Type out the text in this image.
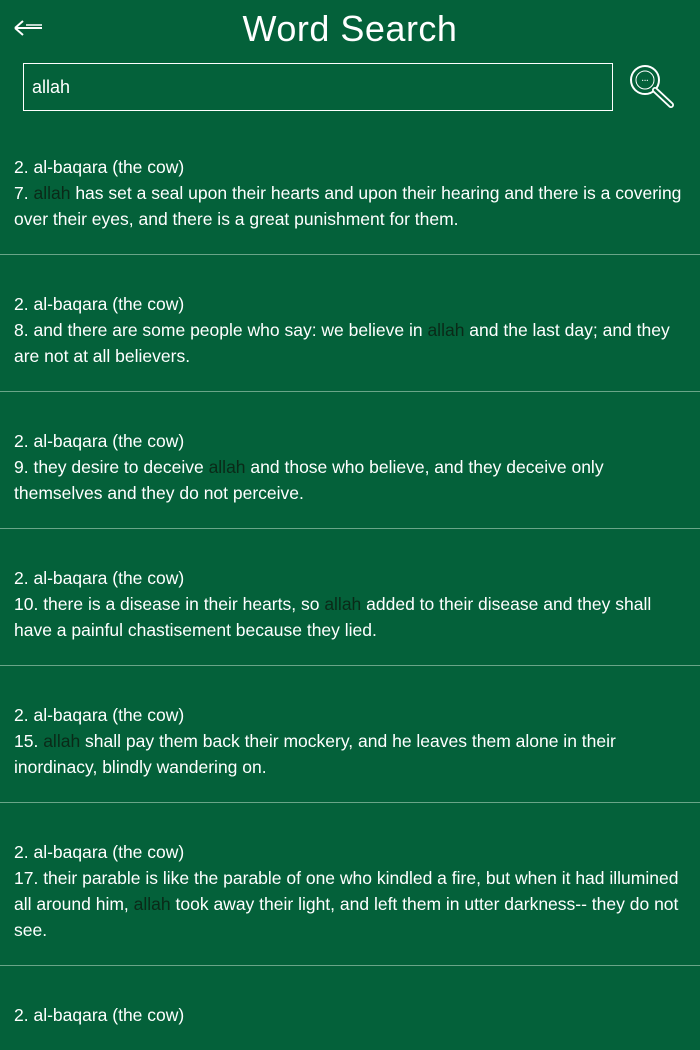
Word Search
allah
•••
2. al-baqara (the cow)
7. allah has set a seal upon their hearts and upon their hearing and there is a covering over their eyes, and there is a great punishment for them.
2. al-baqara (the cow)
8. and there are some people who say: we believe in allah and the last day; and they are not at all believers.
2. al-baqara (the cow)
9. they desire to deceive allah and those who believe, and they deceive only themselves and they do not perceive.
2. al-baqara (the cow)
10. there is a disease in their hearts, so allah added to their disease and they shall have a painful chastisement because they lied.
2. al-baqara (the cow)
15. allah shall pay them back their mockery, and he leaves them alone in their inordinacy, blindly wandering on.
2. al-baqara (the cow)
17. their parable is like the parable of one who kindled a fire, but when it had illumined all around him, allah took away their light, and left them in utter darkness-- they do not see.
2. al-baqara (the cow)
